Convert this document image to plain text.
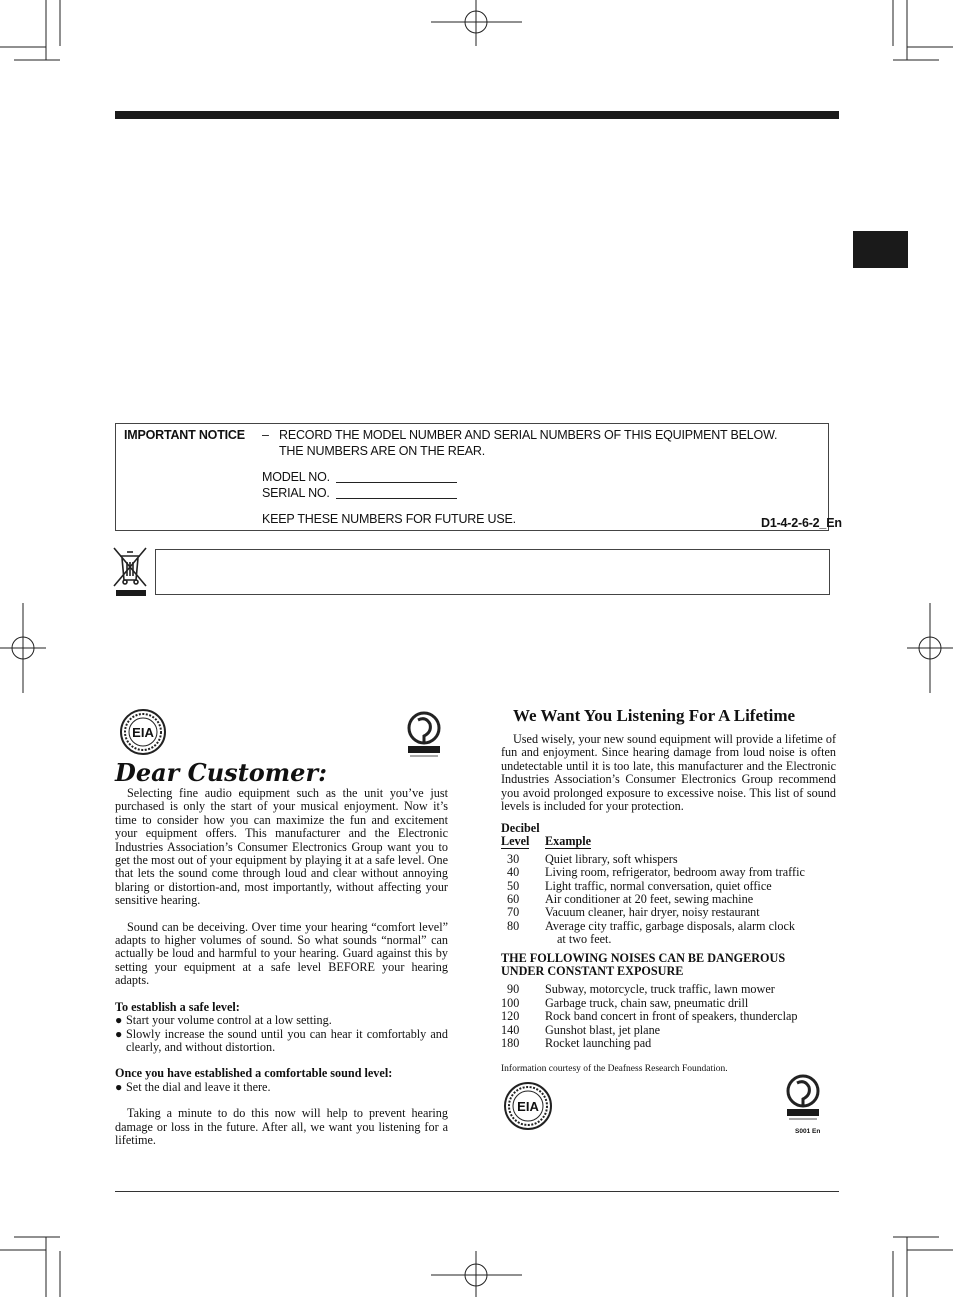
IMPORTANT NOTICE – RECORD THE MODEL NUMBER AND SERIAL NUMBERS OF THIS EQUIPMENT BELOW.
THE NUMBERS ARE ON THE REAR.
MODEL NO.
SERIAL NO.
KEEP THESE NUMBERS FOR FUTURE USE.	D1-4-2-6-2_En
EIA
Dear Customer:

Selecting fine audio equipment such as the unit you’ve just purchased is only the start of your musical enjoyment. Now it’s time to consider how you can maximize the fun and excitement your equipment offers. This manufacturer and the Electronic Industries Association’s Consumer Electronics Group want you to get the most out of your equipment by playing it at a safe level. One that lets the sound come through loud and clear without annoying blaring or distortion-and, most importantly, without affecting your sensitive hearing.

Sound can be deceiving. Over time your hearing “comfort level” adapts to higher volumes of sound. So what sounds “normal” can actually be loud and harmful to your hearing. Guard against this by setting your equipment at a safe level BEFORE your hearing adapts.

To establish a safe level:
● Start your volume control at a low setting.
● Slowly increase the sound until you can hear it comfortably and clearly, and without distortion.
Once you have established a comfortable sound level:
● Set the dial and leave it there.

Taking a minute to do this now will help to prevent hearing damage or loss in the future. After all, we want you listening for a lifetime.

We Want You Listening For A Lifetime

Used wisely, your new sound equipment will provide a lifetime of fun and enjoyment. Since hearing damage from loud noise is often undetectable until it is too late, this manufacturer and the Electronic Industries Association’s Consumer Electronics Group recommend you avoid prolonged exposure to excessive noise. This list of sound levels is included for your protection.

Decibel
Level	Example
30	Quiet library, soft whispers
40	Living room, refrigerator, bedroom away from traffic
50	Light traffic, normal conversation, quiet office
60	Air conditioner at 20 feet, sewing machine
70	Vacuum cleaner, hair dryer, noisy restaurant
80	Average city traffic, garbage disposals, alarm clock
at two feet.
THE FOLLOWING NOISES CAN BE DANGEROUS
UNDER CONSTANT EXPOSURE
90	Subway, motorcycle, truck traffic, lawn mower
100	Garbage truck, chain saw, pneumatic drill
120	Rock band concert in front of speakers, thunderclap
140	Gunshot blast, jet plane
180	Rocket launching pad
Information courtesy of the Deafness Research Foundation.
EIA
S001 En
